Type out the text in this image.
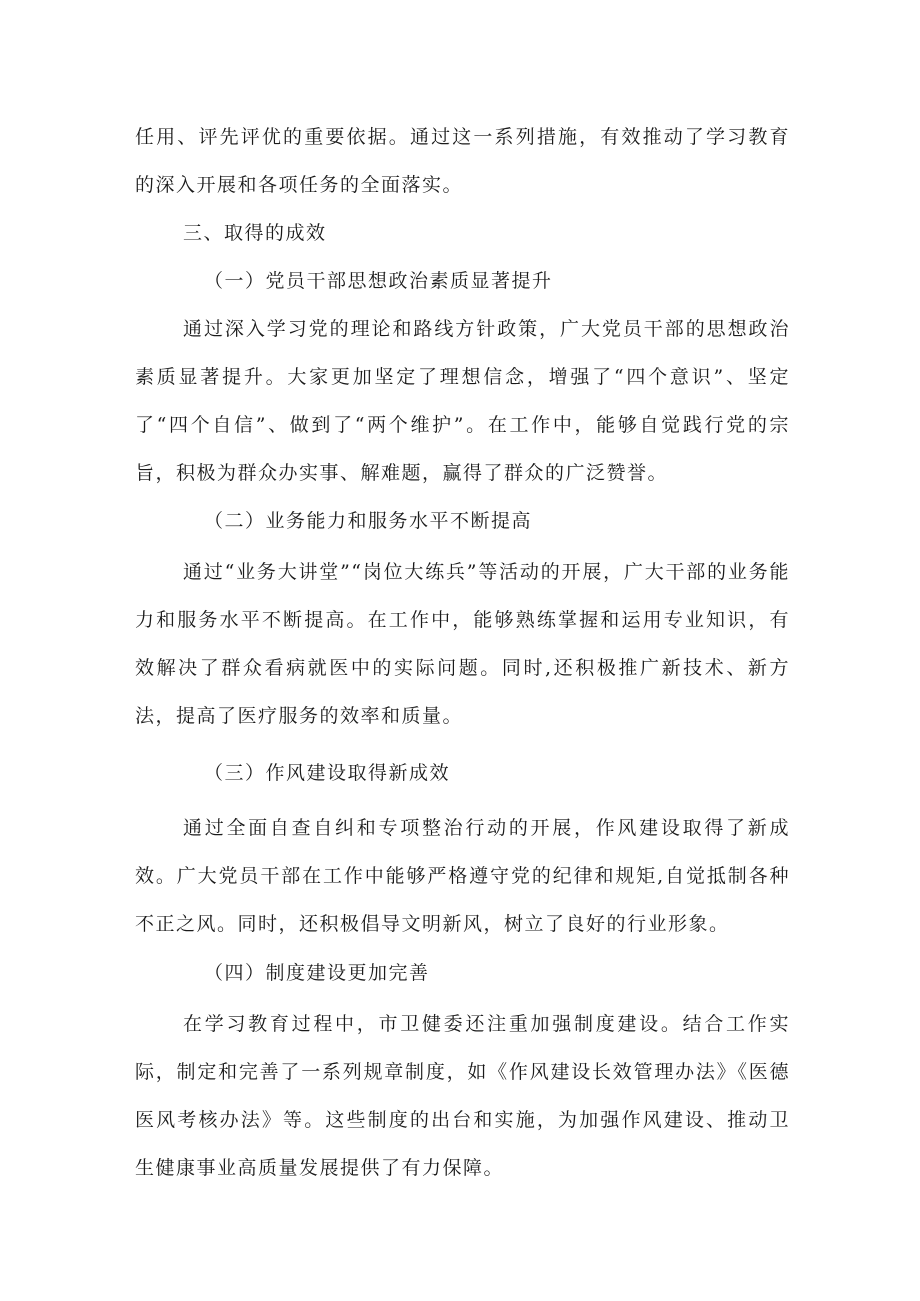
任用、评先评优的重要依据。通过这一系列措施，有效推动了学习教育的深入开展和各项任务的全面落实。

三、取得的成效

（一）党员干部思想政治素质显著提升

通过深入学习党的理论和路线方针政策，广大党员干部的思想政治素质显著提升。大家更加坚定了理想信念，增强了“四个意识”、坚定了“四个自信”、做到了“两个维护”。在工作中，能够自觉践行党的宗旨，积极为群众办实事、解难题，赢得了群众的广泛赞誉。

（二）业务能力和服务水平不断提高

通过“业务大讲堂”“岗位大练兵”等活动的开展，广大干部的业务能力和服务水平不断提高。在工作中，能够熟练掌握和运用专业知识，有效解决了群众看病就医中的实际问题。同时,还积极推广新技术、新方法，提高了医疗服务的效率和质量。

（三）作风建设取得新成效

通过全面自查自纠和专项整治行动的开展，作风建设取得了新成效。广大党员干部在工作中能够严格遵守党的纪律和规矩,自觉抵制各种不正之风。同时，还积极倡导文明新风，树立了良好的行业形象。

（四）制度建设更加完善

在学习教育过程中，市卫健委还注重加强制度建设。结合工作实际，制定和完善了一系列规章制度，如《作风建设长效管理办法》《医德医风考核办法》等。这些制度的出台和实施，为加强作风建设、推动卫生健康事业高质量发展提供了有力保障。
